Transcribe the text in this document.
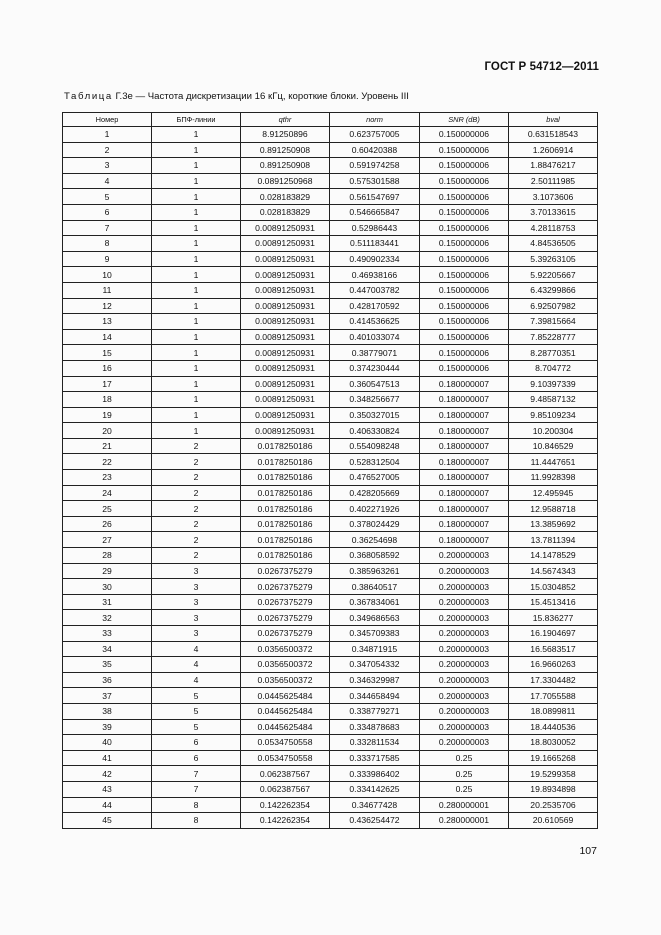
ГОСТ Р 54712—2011
Таблица Г.3е — Частота дискретизации 16 кГц, короткие блоки. Уровень III
Номер	БПФ-линии	qthr	norm	SNR (dB)	bval
1	1	8.91250896	0.623757005	0.150000006	0.631518543
2	1	0.891250908	0.60420388	0.150000006	1.2606914
3	1	0.891250908	0.591974258	0.150000006	1.88476217
4	1	0.0891250968	0.575301588	0.150000006	2.50111985
5	1	0.028183829	0.561547697	0.150000006	3.1073606
6	1	0.028183829	0.546665847	0.150000006	3.70133615
7	1	0.00891250931	0.52986443	0.150000006	4.28118753
8	1	0.00891250931	0.511183441	0.150000006	4.84536505
9	1	0.00891250931	0.490902334	0.150000006	5.39263105
10	1	0.00891250931	0.46938166	0.150000006	5.92205667
11	1	0.00891250931	0.447003782	0.150000006	6.43299866
12	1	0.00891250931	0.428170592	0.150000006	6.92507982
13	1	0.00891250931	0.414536625	0.150000006	7.39815664
14	1	0.00891250931	0.401033074	0.150000006	7.85228777
15	1	0.00891250931	0.38779071	0.150000006	8.28770351
16	1	0.00891250931	0.374230444	0.150000006	8.704772
17	1	0.00891250931	0.360547513	0.180000007	9.10397339
18	1	0.00891250931	0.348256677	0.180000007	9.48587132
19	1	0.00891250931	0.350327015	0.180000007	9.85109234
20	1	0.00891250931	0.406330824	0.180000007	10.200304
21	2	0.0178250186	0.554098248	0.180000007	10.846529
22	2	0.0178250186	0.528312504	0.180000007	11.4447651
23	2	0.0178250186	0.476527005	0.180000007	11.9928398
24	2	0.0178250186	0.428205669	0.180000007	12.495945
25	2	0.0178250186	0.402271926	0.180000007	12.9588718
26	2	0.0178250186	0.378024429	0.180000007	13.3859692
27	2	0.0178250186	0.36254698	0.180000007	13.7811394
28	2	0.0178250186	0.368058592	0.200000003	14.1478529
29	3	0.0267375279	0.385963261	0.200000003	14.5674343
30	3	0.0267375279	0.38640517	0.200000003	15.0304852
31	3	0.0267375279	0.367834061	0.200000003	15.4513416
32	3	0.0267375279	0.349686563	0.200000003	15.836277
33	3	0.0267375279	0.345709383	0.200000003	16.1904697
34	4	0.0356500372	0.34871915	0.200000003	16.5683517
35	4	0.0356500372	0.347054332	0.200000003	16.9660263
36	4	0.0356500372	0.346329987	0.200000003	17.3304482
37	5	0.0445625484	0.344658494	0.200000003	17.7055588
38	5	0.0445625484	0.338779271	0.200000003	18.0899811
39	5	0.0445625484	0.334878683	0.200000003	18.4440536
40	6	0.0534750558	0.332811534	0.200000003	18.8030052
41	6	0.0534750558	0.333717585	0.25	19.1665268
42	7	0.062387567	0.333986402	0.25	19.5299358
43	7	0.062387567	0.334142625	0.25	19.8934898
44	8	0.142262354	0.34677428	0.280000001	20.2535706
45	8	0.142262354	0.436254472	0.280000001	20.610569
107
